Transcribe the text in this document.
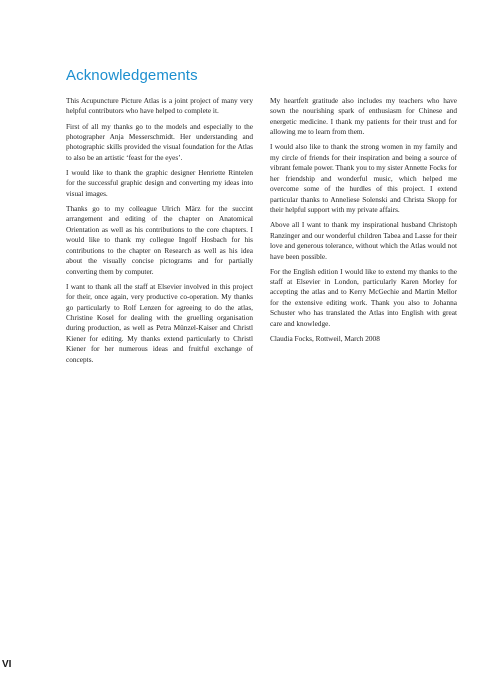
Acknowledgements

This Acupuncture Picture Atlas is a joint project of many very helpful contributors who have helped to complete it.

First of all my thanks go to the models and especially to the photographer Anja Messerschmidt. Her understanding and photographic skills provided the visual foundation for the Atlas to also be an artistic ‘feast for the eyes’.

I would like to thank the graphic designer Henriette Rintelen for the successful graphic design and converting my ideas into visual images.

Thanks go to my colleague Ulrich März for the succint arrangement and editing of the chapter on Anatomical Orientation as well as his contributions to the core chapters. I would like to thank my collegue Ingolf Hosbach for his contributions to the chapter on Research as well as his idea about the visually concise pictograms and for partially converting them by computer.

I want to thank all the staff at Elsevier involved in this project for their, once again, very productive co-operation. My thanks go particularly to Rolf Lenzen for agreeing to do the atlas, Christine Kosel for dealing with the gruelling organisation during production, as well as Petra Münzel-Kaiser and Christl Kiener for editing. My thanks extend particularly to Christl Kiener for her numerous ideas and fruitful exchange of concepts.

My heartfelt gratitude also includes my teachers who have sown the nourishing spark of enthusiasm for Chinese and energetic medicine. I thank my patients for their trust and for allowing me to learn from them.

I would also like to thank the strong women in my family and my circle of friends for their inspiration and being a source of vibrant female power. Thank you to my sister Annette Focks for her friendship and wonderful music, which helped me overcome some of the hurdles of this project. I extend particular thanks to Anneliese Solenski and Christa Skopp for their helpful support with my private affairs.

Above all I want to thank my inspirational husband Christoph Ranzinger and our wonderful children Tabea and Lasse for their love and generous tolerance, without which the Atlas would not have been possible.

For the English edition I would like to extend my thanks to the staff at Elsevier in London, particularly Karen Morley for accepting the atlas and to Kerry McGechie and Martin Mellor for the extensive editing work. Thank you also to Johanna Schuster who has translated the Atlas into English with great care and knowledge.

Claudia Focks, Rottweil, March 2008

VI
